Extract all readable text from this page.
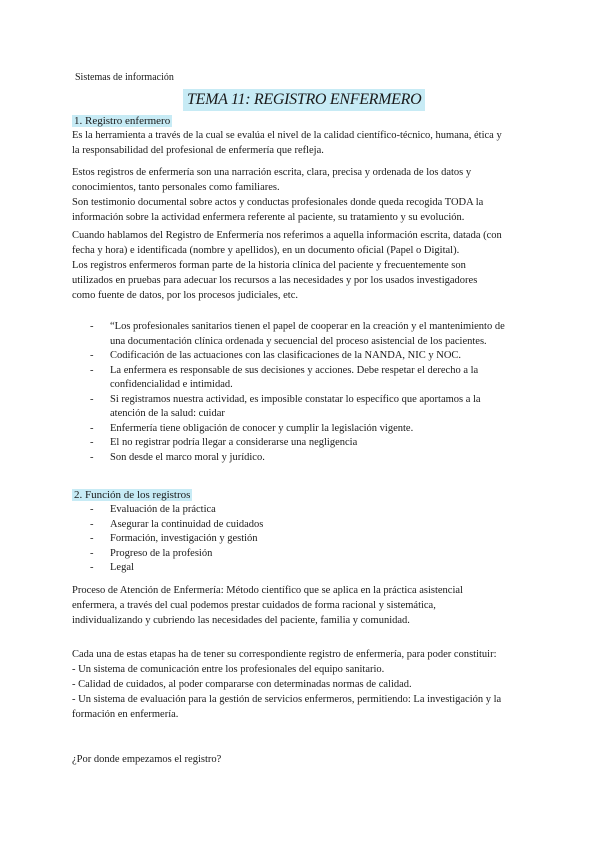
Sistemas de información
TEMA 11: REGISTRO ENFERMERO
1. Registro enfermero
Es la herramienta a través de la cual se evalúa el nivel de la calidad científico-técnico, humana, ética y
la responsabilidad del profesional de enfermería que refleja.
Estos registros de enfermería son una narración escrita, clara, precisa y ordenada de los datos y
conocimientos, tanto personales como familiares.
Son testimonio documental sobre actos y conductas profesionales donde queda recogida TODA la
información sobre la actividad enfermera referente al paciente, su tratamiento y su evolución.
Cuando hablamos del Registro de Enfermería nos referimos a aquella información escrita, datada (con
fecha y hora) e identificada (nombre y apellidos), en un documento oficial (Papel o Digital).
Los registros enfermeros forman parte de la historia clínica del paciente y frecuentemente son
utilizados en pruebas para adecuar los recursos a las necesidades y por los usados investigadores
como fuente de datos, por los procesos judiciales, etc.
- “Los profesionales sanitarios tienen el papel de cooperar en la creación y el mantenimiento de
una documentación clínica ordenada y secuencial del proceso asistencial de los pacientes.
- Codificación de las actuaciones con las clasificaciones de la NANDA, NIC y NOC.
- La enfermera es responsable de sus decisiones y acciones. Debe respetar el derecho a la
confidencialidad e intimidad.
- Si registramos nuestra actividad, es imposible constatar lo específico que aportamos a la
atención de la salud: cuidar
- Enfermería tiene obligación de conocer y cumplir la legislación vigente.
- El no registrar podría llegar a considerarse una negligencia
- Son desde el marco moral y jurídico.
2. Función de los registros
- Evaluación de la práctica
- Asegurar la continuidad de cuidados
- Formación, investigación y gestión
- Progreso de la profesión
- Legal
Proceso de Atención de Enfermería: Método científico que se aplica en la práctica asistencial
enfermera, a través del cual podemos prestar cuidados de forma racional y sistemática,
individualizando y cubriendo las necesidades del paciente, familia y comunidad.
Cada una de estas etapas ha de tener su correspondiente registro de enfermería, para poder constituir:
- Un sistema de comunicación entre los profesionales del equipo sanitario.
- Calidad de cuidados, al poder compararse con determinadas normas de calidad.
- Un sistema de evaluación para la gestión de servicios enfermeros, permitiendo: La investigación y la
formación en enfermería.
¿Por donde empezamos el registro?
